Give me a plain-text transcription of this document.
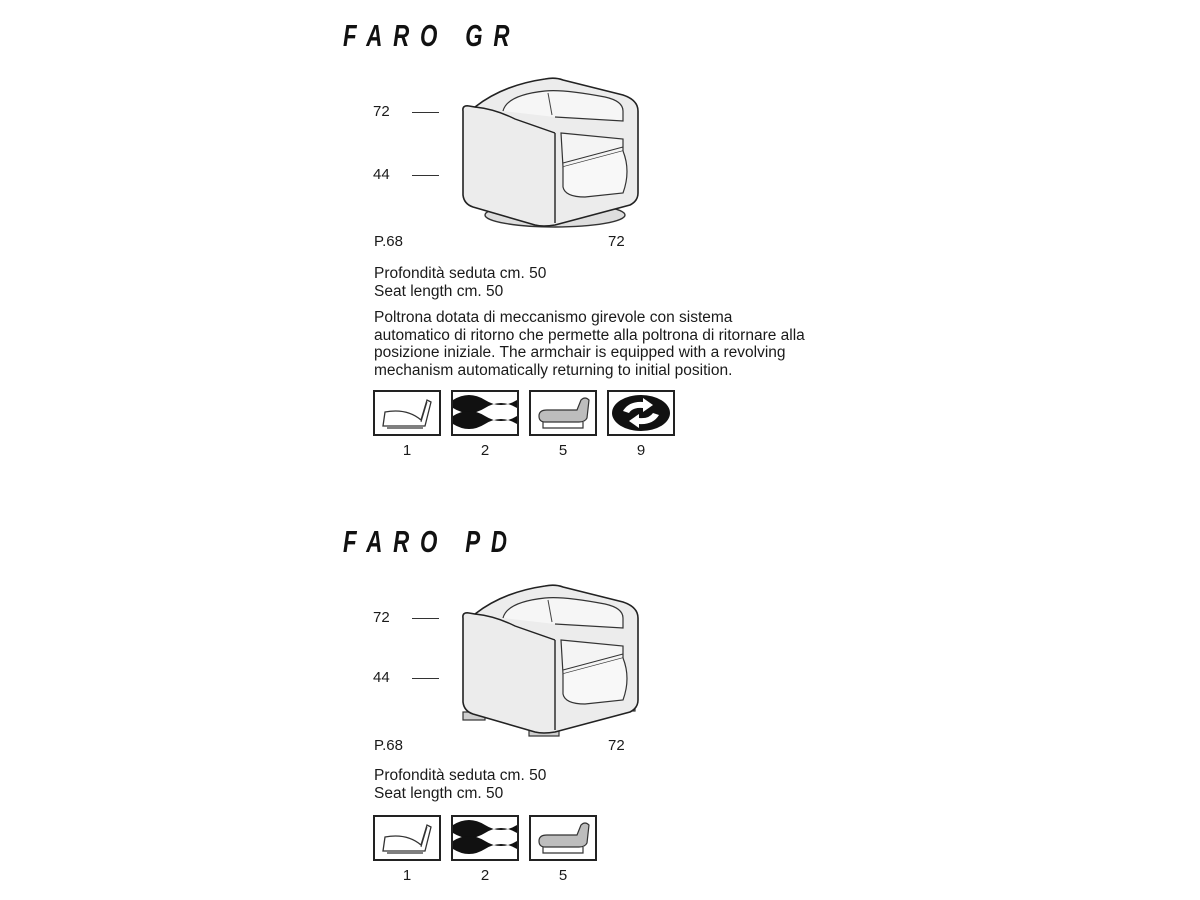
FARO GR
72
44
P.68	72
Profondità seduta cm. 50
Seat length cm. 50
Poltrona dotata di meccanismo girevole con sistema
automatico di ritorno che permette alla poltrona di ritornare alla
posizione iniziale. The armchair is equipped with a revolving
mechanism automatically returning to initial position.
1	2	5	9
FARO PD
72
44
P.68	72
Profondità seduta cm. 50
Seat length cm. 50
1	2	5
